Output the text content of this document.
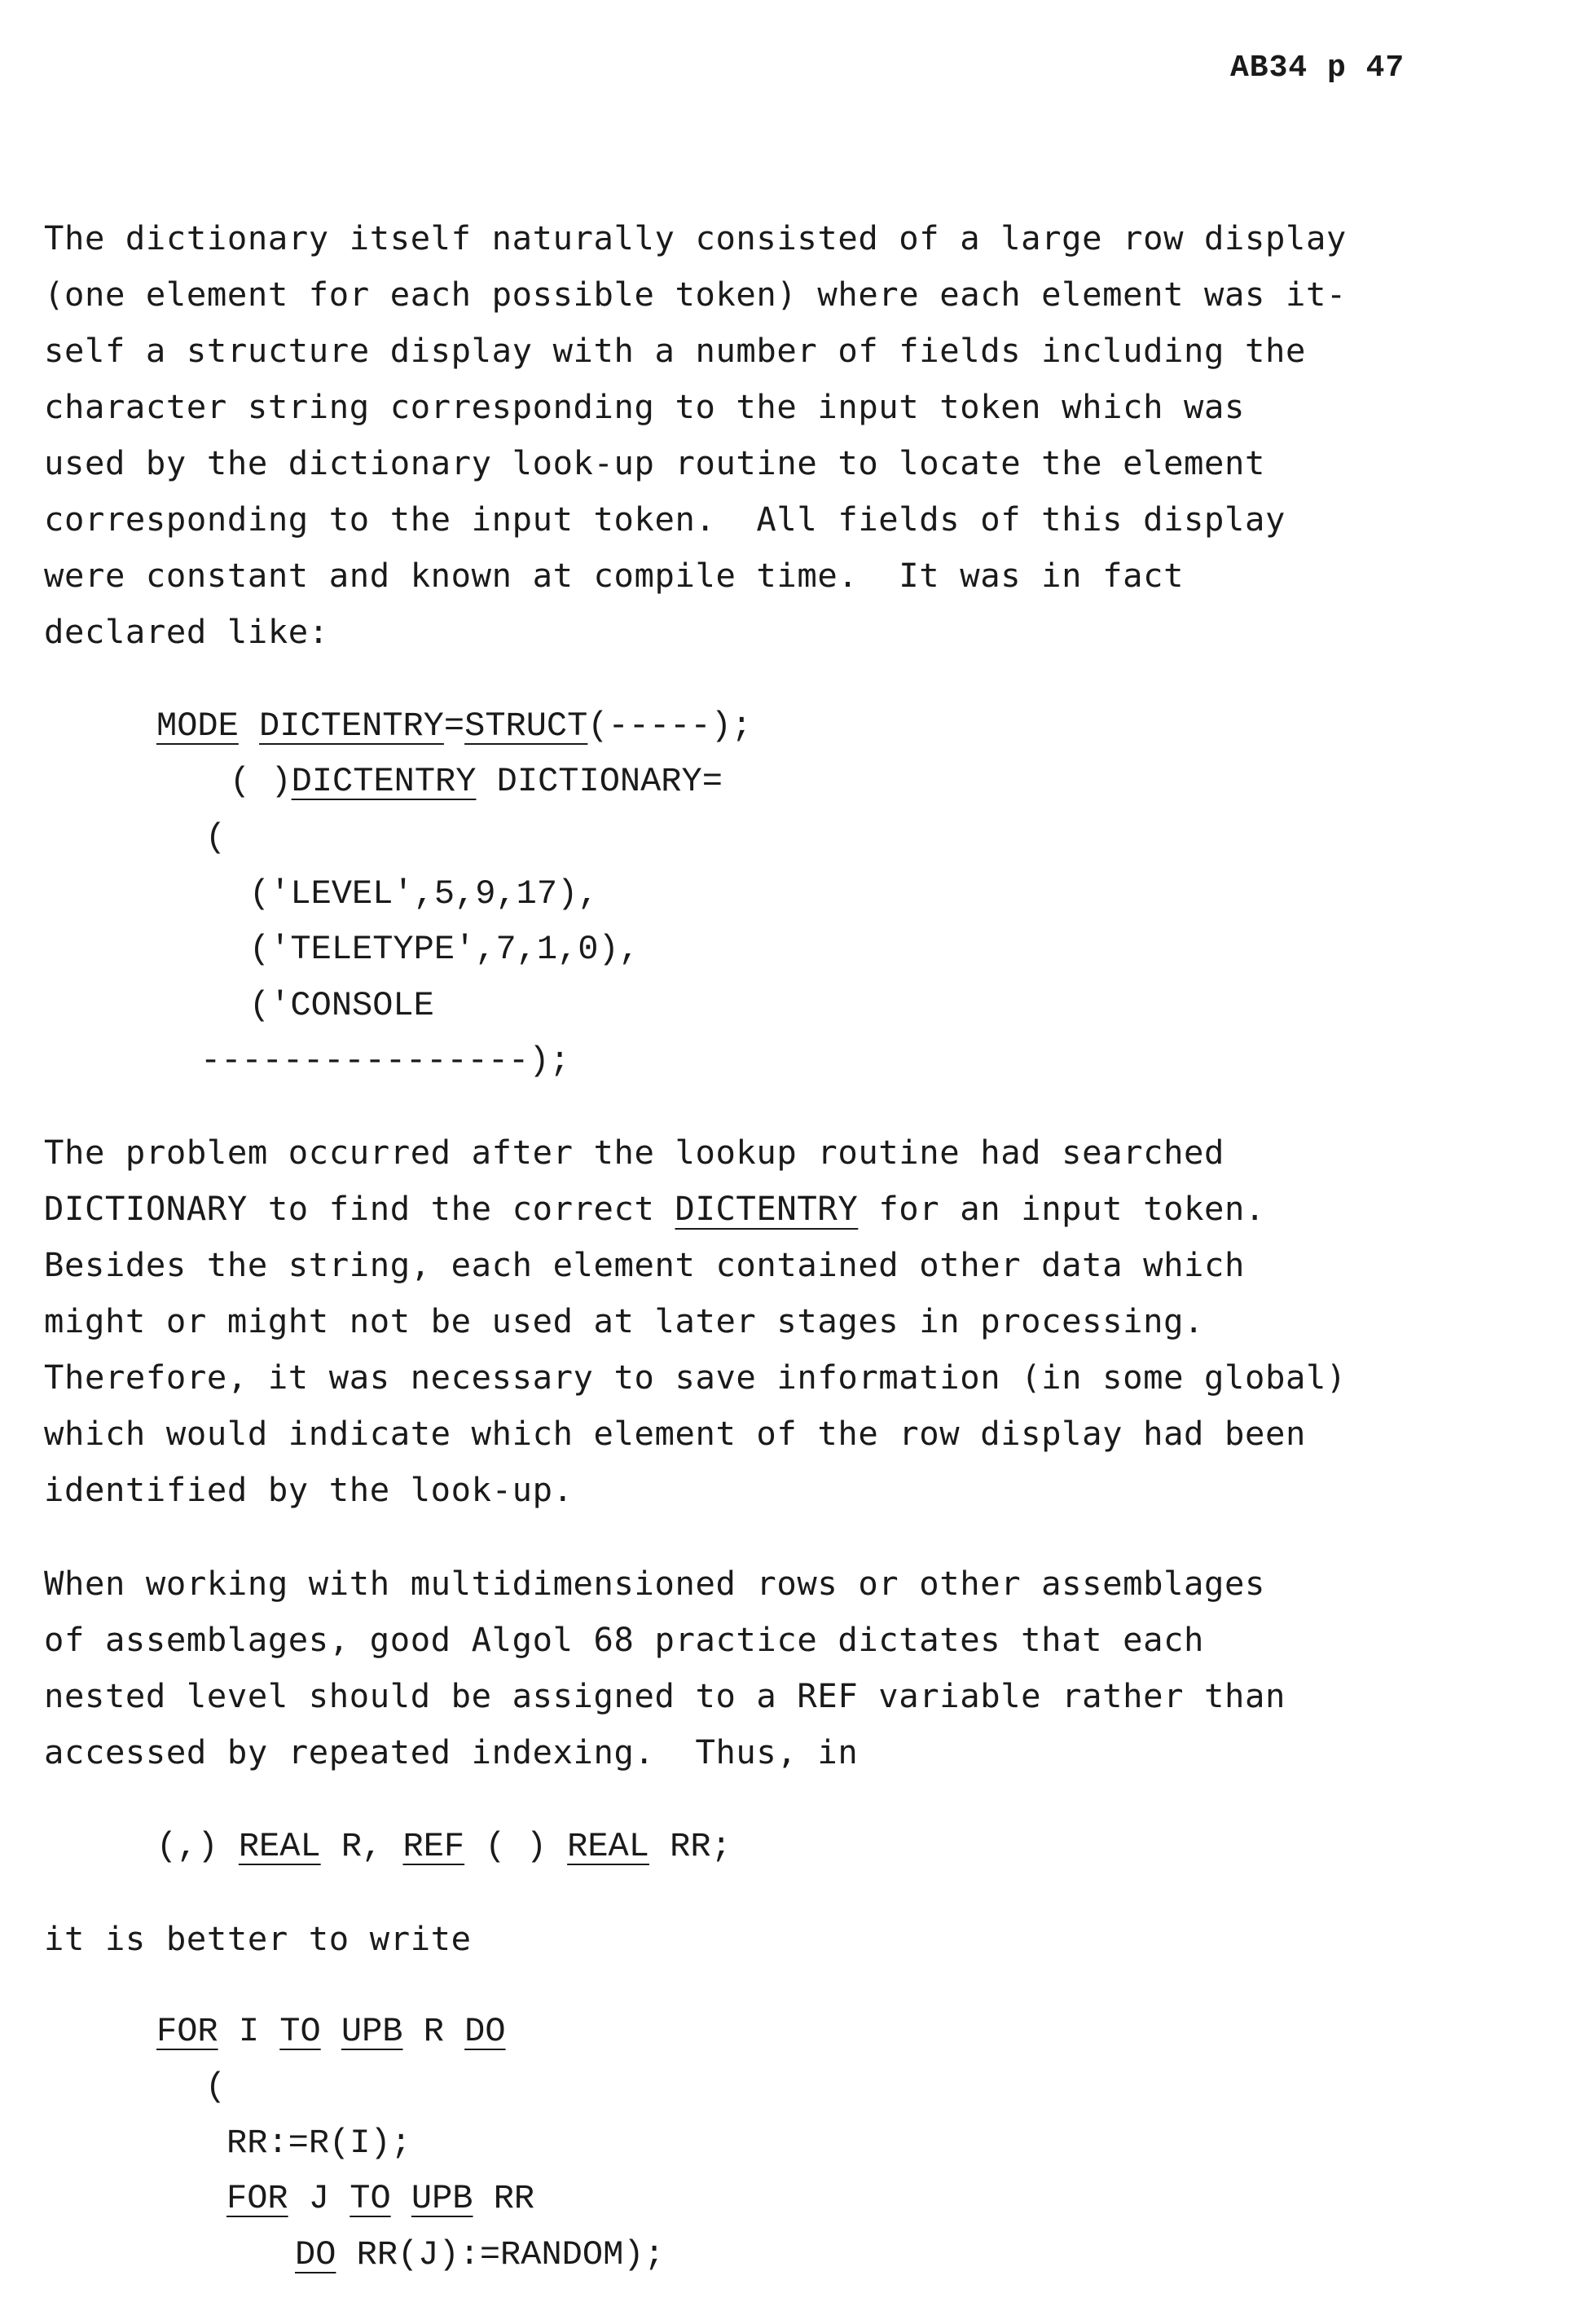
AB34 p 47
The dictionary itself naturally consisted of a large row display
(one element for each possible token) where each element was it-
self a structure display with a number of fields including the
character string corresponding to the input token which was
used by the dictionary look-up routine to locate the element
corresponding to the input token.  All fields of this display
were constant and known at compile time.  It was in fact
declared like:
MODE DICTENTRY=STRUCT(-----);
( )DICTENTRY DICTIONARY=
(
('LEVEL',5,9,17),
('TELETYPE',7,1,0),
('CONSOLE
----------------);
The problem occurred after the lookup routine had searched
DICTIONARY to find the correct DICTENTRY for an input token.
Besides the string, each element contained other data which
might or might not be used at later stages in processing.
Therefore, it was necessary to save information (in some global)
which would indicate which element of the row display had been
identified by the look-up.
When working with multidimensioned rows or other assemblages
of assemblages, good Algol 68 practice dictates that each
nested level should be assigned to a REF variable rather than
accessed by repeated indexing.  Thus, in
(,) REAL R, REF ( ) REAL RR;
it is better to write
FOR I TO UPB R DO
(
RR:=R(I);
FOR J TO UPB RR
DO RR(J):=RANDOM);
